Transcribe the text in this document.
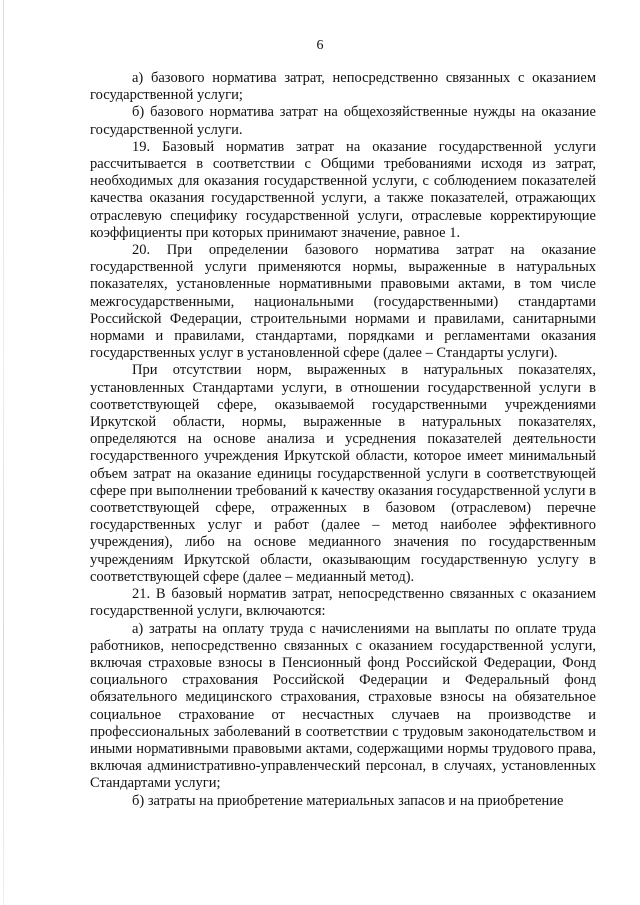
6

а) базового норматива затрат, непосредственно связанных с оказанием государственной услуги;

б) базового норматива затрат на общехозяйственные нужды на оказание государственной услуги.

19. Базовый норматив затрат на оказание государственной услуги рассчитывается в соответствии с Общими требованиями исходя из затрат, необходимых для оказания государственной услуги, с соблюдением показателей качества оказания государственной услуги, а также показателей, отражающих отраслевую специфику государственной услуги, отраслевые корректирующие коэффициенты при которых принимают значение, равное 1.

20. При определении базового норматива затрат на оказание государственной услуги применяются нормы, выраженные в натуральных показателях, установленные нормативными правовыми актами, в том числе межгосударственными, национальными (государственными) стандартами Российской Федерации, строительными нормами и правилами, санитарными нормами и правилами, стандартами, порядками и регламентами оказания государственных услуг в установленной сфере (далее – Стандарты услуги).

При отсутствии норм, выраженных в натуральных показателях, установленных Стандартами услуги, в отношении государственной услуги в соответствующей сфере, оказываемой государственными учреждениями Иркутской области, нормы, выраженные в натуральных показателях, определяются на основе анализа и усреднения показателей деятельности государственного учреждения Иркутской области, которое имеет минимальный объем затрат на оказание единицы государственной услуги в соответствующей сфере при выполнении требований к качеству оказания государственной услуги в соответствующей сфере, отраженных в базовом (отраслевом) перечне государственных услуг и работ (далее – метод наиболее эффективного учреждения), либо на основе медианного значения по государственным учреждениям Иркутской области, оказывающим государственную услугу в соответствующей сфере (далее – медианный метод).

21. В базовый норматив затрат, непосредственно связанных с оказанием государственной услуги, включаются:

а) затраты на оплату труда с начислениями на выплаты по оплате труда работников, непосредственно связанных с оказанием государственной услуги, включая страховые взносы в Пенсионный фонд Российской Федерации, Фонд социального страхования Российской Федерации и Федеральный фонд обязательного медицинского страхования, страховые взносы на обязательное социальное страхование от несчастных случаев на производстве и профессиональных заболеваний в соответствии с трудовым законодательством и иными нормативными правовыми актами, содержащими нормы трудового права, включая административно-управленческий персонал, в случаях, установленных Стандартами услуги;

б) затраты на приобретение материальных запасов и на приобретение
